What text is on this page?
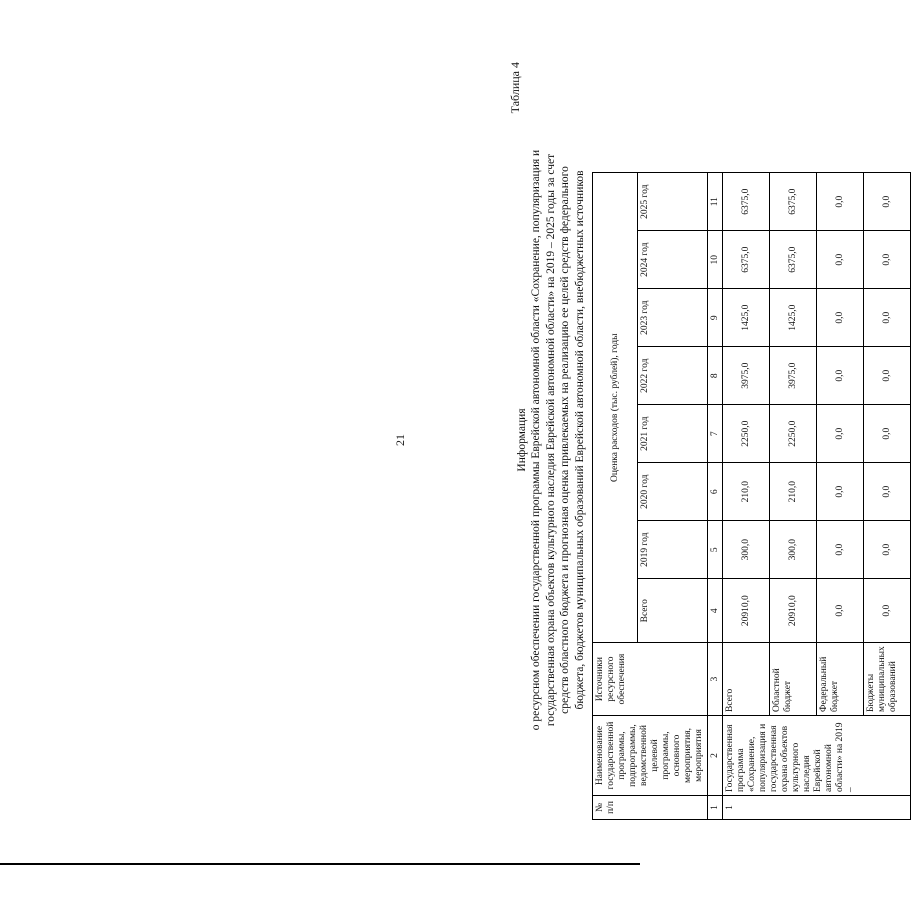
21
Таблица 4
Информация о ресурсном обеспечении государственной программы Еврейской автономной области «Сохранение, популяризация и государственная охрана объектов культурного наследия Еврейской автономной области» на 2019 – 2025 годы за счет средств областного бюджета и прогнозная оценка привлекаемых на реализацию ее целей средств федерального бюджета, бюджетов муниципальных образований Еврейской автономной области, внебюджетных источников
№ п/п	Наименование государственной программы, подпрограммы, ведомственной целевой программы, основного мероприятия, мероприятия	Источники ресурсного обеспечения	Оценка расходов (тыс. рублей), годы							
			Всего	2019 год	2020 год	2021 год	2022 год	2023 год	2024 год	2025 год
1	2	3	4	5	6	7	8	9	10	11
1	Государственная программа «Сохранение, популяризация и государственная охрана объектов культурного наследия Еврейской автономной области» на 2019 –	Всего	20910,0	300,0	210,0	2250,0	3975,0	1425,0	6375,0	6375,0
		Областной бюджет	20910,0	300,0	210,0	2250,0	3975,0	1425,0	6375,0	6375,0
		Федеральный бюджет	0,0	0,0	0,0	0,0	0,0	0,0	0,0	0,0
		Бюджеты муниципальных образований	0,0	0,0	0,0	0,0	0,0	0,0	0,0	0,0
